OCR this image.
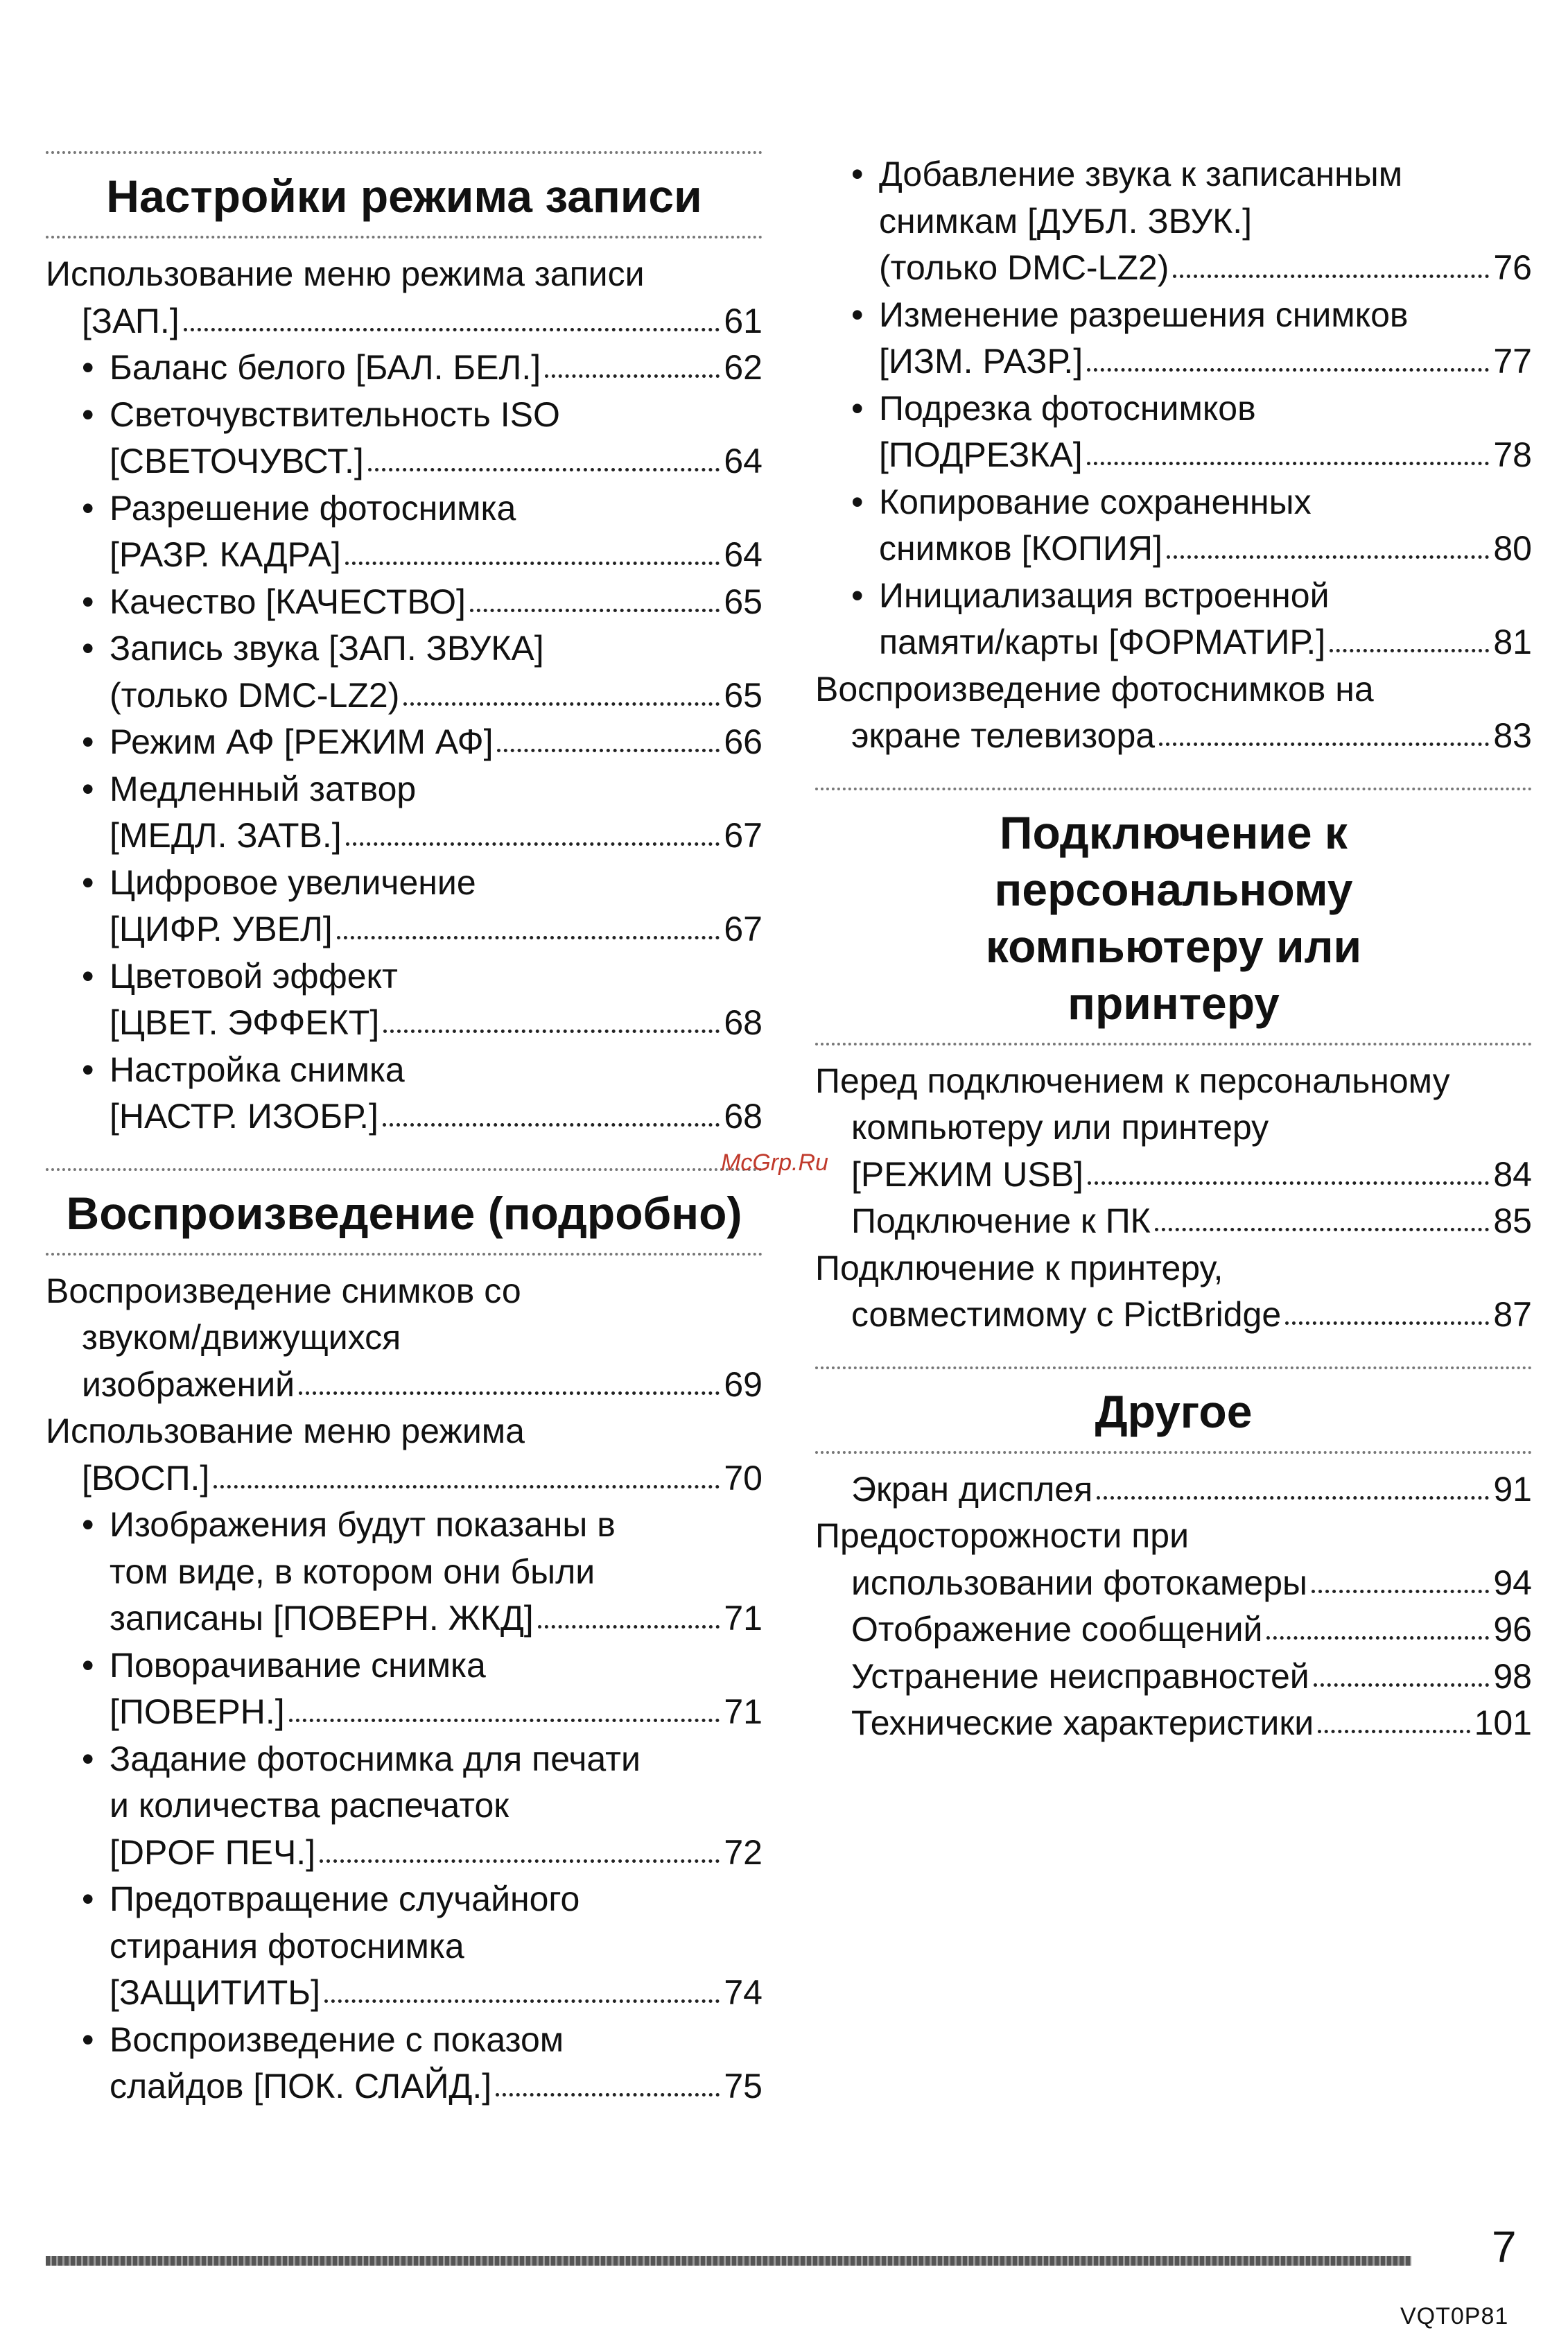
Настройки режима записи
Использование меню режима записи
[ЗАП.]	61
• Баланс белого [БАЛ. БЕЛ.]	62
• Светочувствительность ISO
[СВЕТОЧУВСТ.]	64
• Разрешение фотоснимка
[РАЗР. КАДРА]	64
• Качество [КАЧЕСТВО]	65
• Запись звука [ЗАП. ЗВУКА]
(только DMC-LZ2)	65
• Режим АФ [РЕЖИМ АФ]	66
• Медленный затвор
[МЕДЛ. ЗАТВ.]	67
• Цифровое увеличение
[ЦИФР. УВЕЛ]	67
• Цветовой эффект
[ЦВЕТ. ЭФФЕКТ]	68
• Настройка снимка
[НАСТР. ИЗОБР.]	68
Воспроизведение (подробно)
Воспроизведение снимков со
звуком/движущихся
изображений	69
Использование меню режима
[ВОСП.]	70
• Изображения будут показаны в
том виде, в котором они были
записаны [ПОВЕРН. ЖКД]	71
• Поворачивание снимка
[ПОВЕРН.]	71
• Задание фотоснимка для печати
и количества распечаток
[DPOF ПЕЧ.]	72
• Предотвращение случайного
стирания фотоснимка
[ЗАЩИТИТЬ]	74
• Воспроизведение с показом
слайдов [ПОК. СЛАЙД.]	75
• Добавление звука к записанным
снимкам [ДУБЛ. ЗВУК.]
(только DMC-LZ2)	76
• Изменение разрешения снимков
[ИЗМ. РАЗР.]	77
• Подрезка фотоснимков
[ПОДРЕЗКА]	78
• Копирование сохраненных
снимков [КОПИЯ]	80
• Инициализация встроенной
памяти/карты [ФОРМАТИР.]	81
Воспроизведение фотоснимков на
экране телевизора	83
Подключение к персональному компьютеру или принтеру
Перед подключением к персональному
компьютеру или принтеру
[РЕЖИМ USB]	84
Подключение к ПК	85
Подключение к принтеру,
совместимому с PictBridge	87
Другое
Экран дисплея	91
Предосторожности при
использовании фотокамеры	94
Отображение сообщений	96
Устранение неисправностей	98
Технические характеристики	101
McGrp.Ru
7
VQT0P81
